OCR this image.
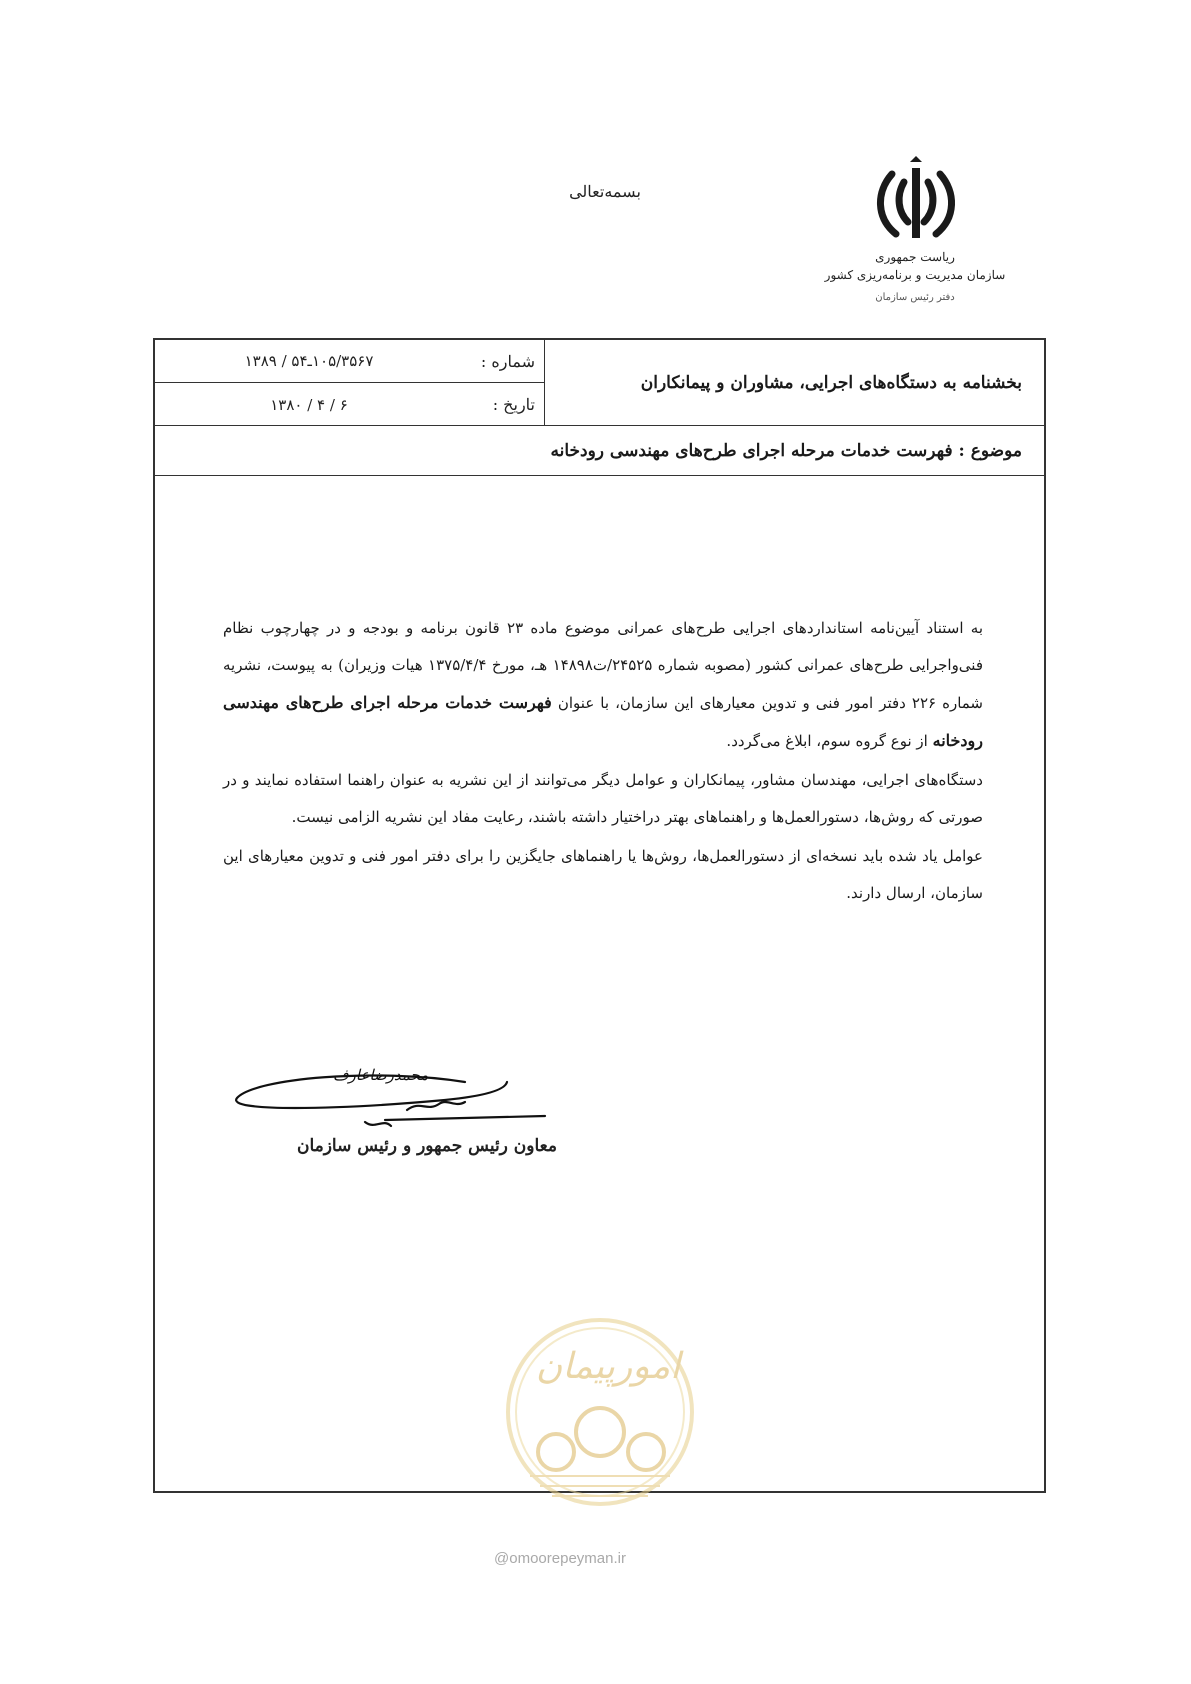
بسمه‌تعالی
ریاست جمهوری
سازمان مدیریت و برنامه‌ریزی کشور
دفتر رئیس سازمان
بخشنامه به دستگاه‌های اجرایی، مشاوران و پیمانکاران
شماره :
۱۰۵/۳۵۶۷ـ۵۴ / ۱۳۸۹
تاریخ :
۱۳۸۰ / ۴ / ۶
موضوع : فهرست خدمات مرحله اجرای طرح‌های مهندسی رودخانه

به استناد آیین‌نامه استانداردهای اجرایی طرح‌های عمرانی موضوع ماده ۲۳ قانون برنامه و بودجه و در چهارچوب نظام فنی‌واجرایی طرح‌های عمرانی کشور (مصوبه شماره ۲۴۵۲۵/ت۱۴۸۹۸ هـ، مورخ ۱۳۷۵/۴/۴ هیات وزیران) به پیوست، نشریه شماره ۲۲۶ دفتر امور فنی و تدوین معیارهای این سازمان، با عنوان فهرست خدمات مرحله اجرای طرح‌های مهندسی رودخانه از نوع گروه سوم، ابلاغ می‌گردد.

دستگاه‌های اجرایی، مهندسان مشاور، پیمانکاران و عوامل دیگر می‌توانند از این نشریه به عنوان راهنما استفاده نمایند و در صورتی که روش‌ها، دستورالعمل‌ها و راهنماهای بهتر دراختیار داشته باشند، رعایت مفاد این نشریه الزامی نیست.

عوامل یاد شده باید نسخه‌ای از دستورالعمل‌ها، روش‌ها یا راهنماهای جایگزین را برای دفتر امور فنی و تدوین معیارهای این سازمان، ارسال دارند.

محمدرضاعارف
معاون رئیس جمهور و رئیس سازمان
امورپیمان
@omoorepeyman.ir
